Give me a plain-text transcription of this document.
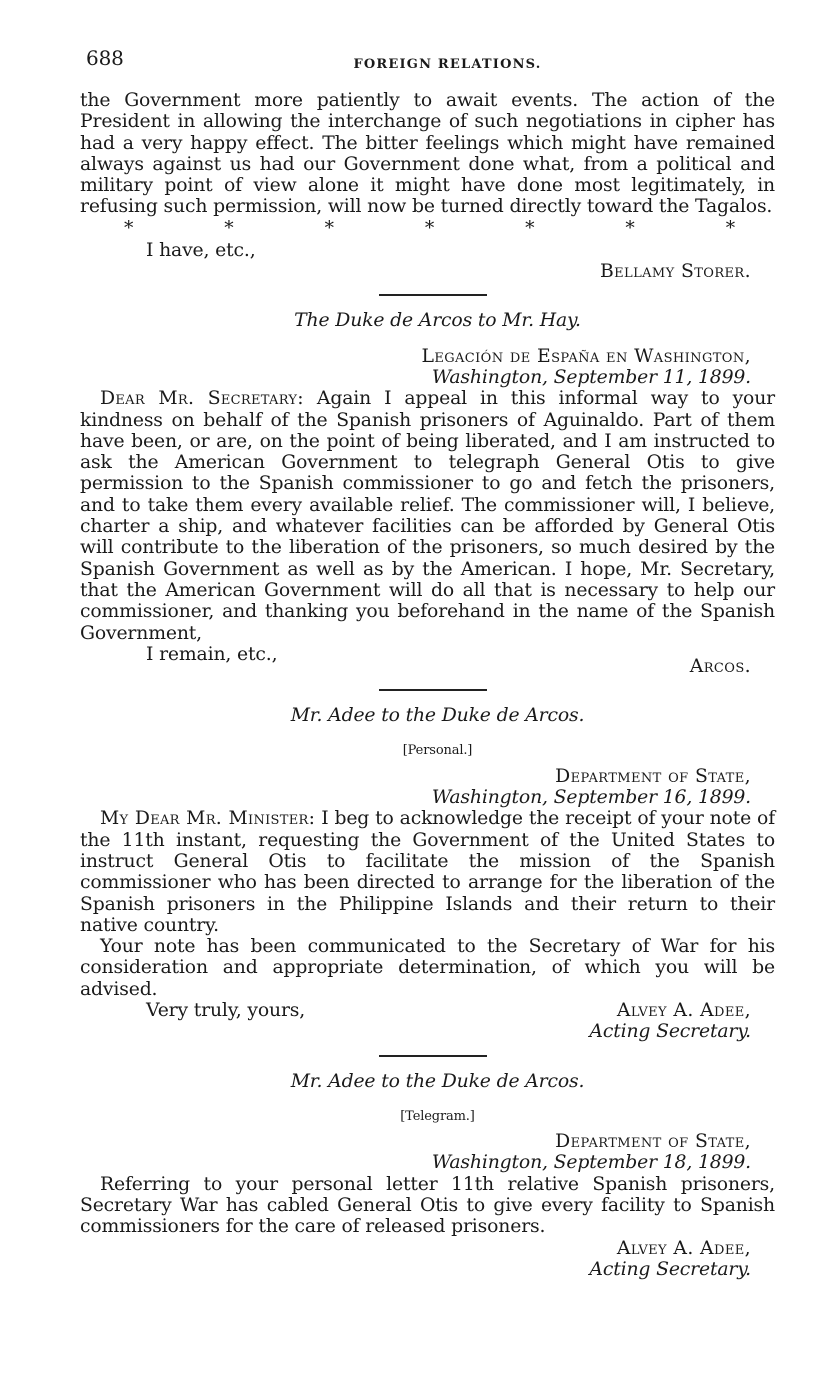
688	FOREIGN RELATIONS.

the Government more patiently to await events. The action of the President in allowing the interchange of such negotiations in cipher has had a very happy effect. The bitter feelings which might have remained always against us had our Government done what, from a political and military point of view alone it might have done most legitimately, in refusing such permission, will now be turned directly toward the Tagalos.

*	*	*	*	*	*	*
I have, etc.,
Bellamy Storer.
The Duke de Arcos to Mr. Hay.
Legación de España en Washington,
Washington, September 11, 1899.

Dear Mr. Secretary: Again I appeal in this informal way to your kindness on behalf of the Spanish prisoners of Aguinaldo. Part of them have been, or are, on the point of being liberated, and I am instructed to ask the American Government to telegraph General Otis to give permission to the Spanish commissioner to go and fetch the prisoners, and to take them every available relief. The commissioner will, I believe, charter a ship, and whatever facilities can be afforded by General Otis will contribute to the liberation of the prisoners, so much desired by the Spanish Government as well as by the American. I hope, Mr. Secretary, that the American Government will do all that is necessary to help our commissioner, and thanking you beforehand in the name of the Spanish Government,

I remain, etc.,
Arcos.
Mr. Adee to the Duke de Arcos.
[Personal.]
Department of State,
Washington, September 16, 1899.

My Dear Mr. Minister: I beg to acknowledge the receipt of your note of the 11th instant, requesting the Government of the United States to instruct General Otis to facilitate the mission of the Spanish commissioner who has been directed to arrange for the liberation of the Spanish prisoners in the Philippine Islands and their return to their native country.

Your note has been communicated to the Secretary of War for his consideration and appropriate determination, of which you will be advised.

Very truly, yours,	Alvey A. Adee,
Acting Secretary.
Mr. Adee to the Duke de Arcos.
[Telegram.]
Department of State,
Washington, September 18, 1899.

Referring to your personal letter 11th relative Spanish prisoners, Secretary War has cabled General Otis to give every facility to Spanish commissioners for the care of released prisoners.

Alvey A. Adee,
Acting Secretary.
